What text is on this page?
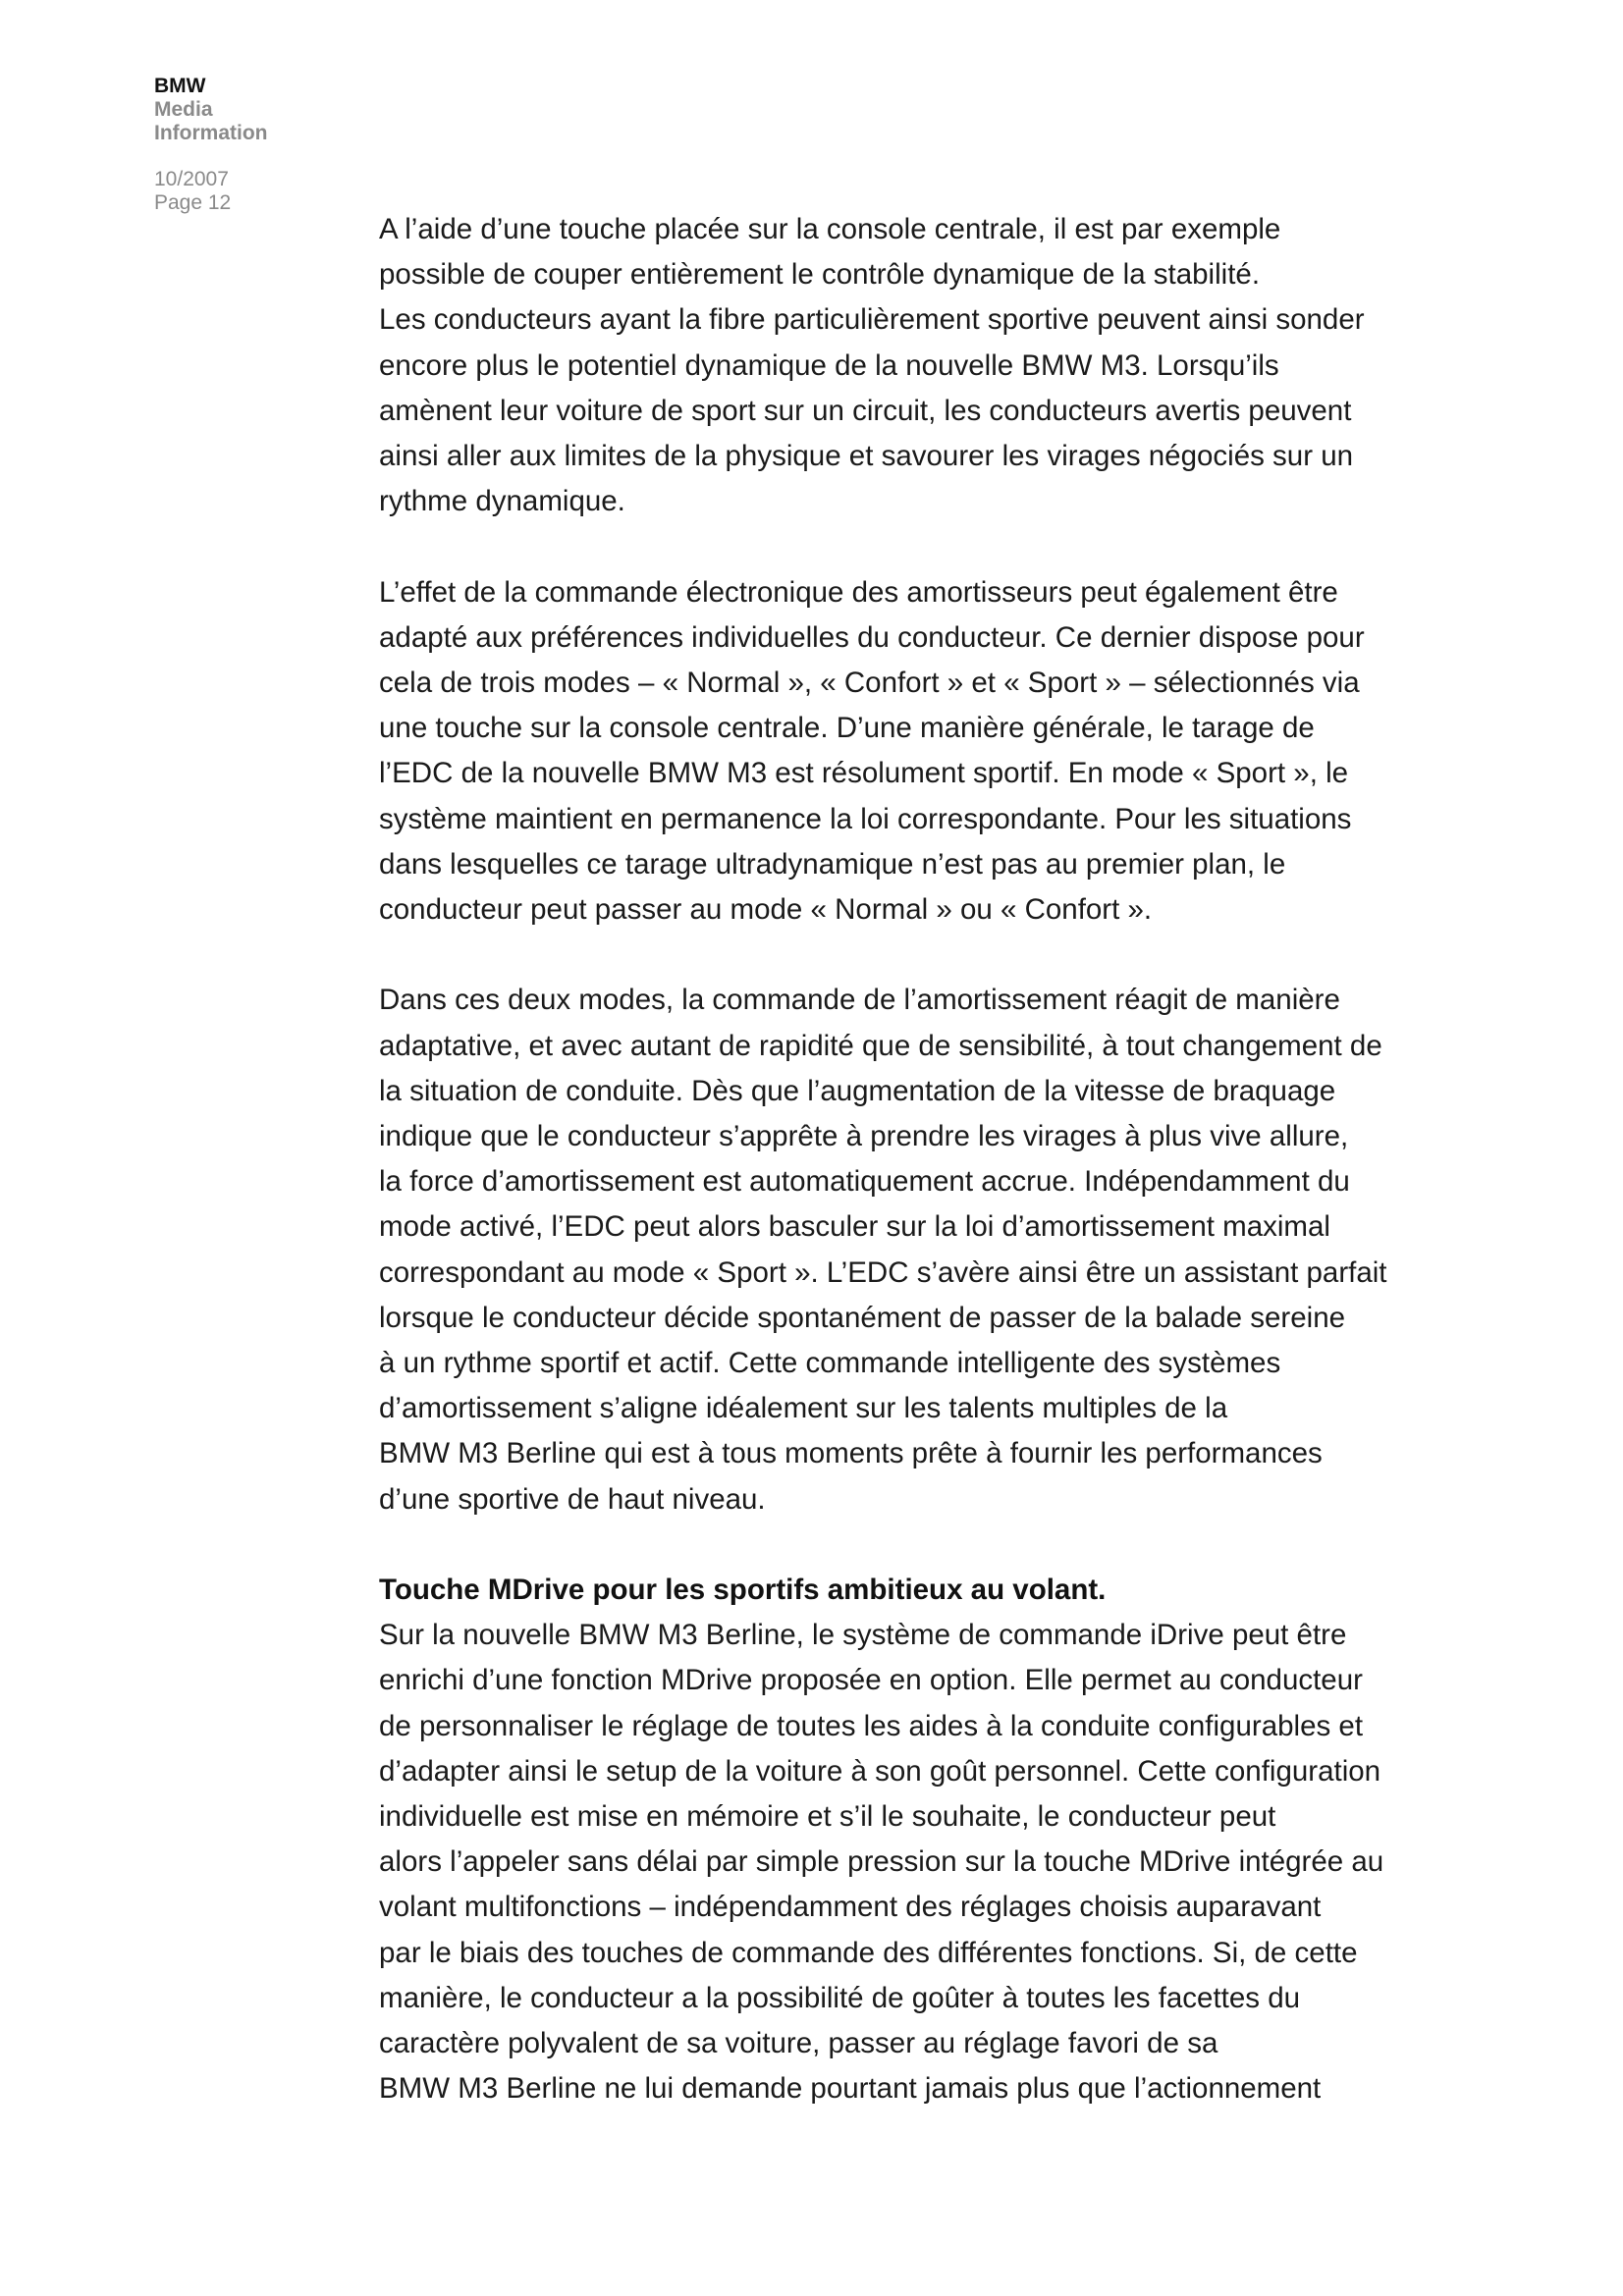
BMW
Media
Information
10/2007
Page 12
A l’aide d’une touche placée sur la console centrale, il est par exemple
possible de couper entièrement le contrôle dynamique de la stabilité.
Les conducteurs ayant la fibre particulièrement sportive peuvent ainsi sonder
encore plus le potentiel dynamique de la nouvelle BMW M3. Lorsqu’ils
amènent leur voiture de sport sur un circuit, les conducteurs avertis peuvent
ainsi aller aux limites de la physique et savourer les virages négociés sur un
rythme dynamique.
L’effet de la commande électronique des amortisseurs peut également être
adapté aux préférences individuelles du conducteur. Ce dernier dispose pour
cela de trois modes – « Normal », « Confort » et « Sport » – sélectionnés via
une touche sur la console centrale. D’une manière générale, le tarage de
l’EDC de la nouvelle BMW M3 est résolument sportif. En mode « Sport », le
système maintient en permanence la loi correspondante. Pour les situations
dans lesquelles ce tarage ultradynamique n’est pas au premier plan, le
conducteur peut passer au mode « Normal » ou « Confort ».
Dans ces deux modes, la commande de l’amortissement réagit de manière
adaptative, et avec autant de rapidité que de sensibilité, à tout changement de
la situation de conduite. Dès que l’augmentation de la vitesse de braquage
indique que le conducteur s’apprête à prendre les virages à plus vive allure,
la force d’amortissement est automatiquement accrue. Indépendamment du
mode activé, l’EDC peut alors basculer sur la loi d’amortissement maximal
correspondant au mode « Sport ». L’EDC s’avère ainsi être un assistant parfait
lorsque le conducteur décide spontanément de passer de la balade sereine
à un rythme sportif et actif. Cette commande intelligente des systèmes
d’amortissement s’aligne idéalement sur les talents multiples de la
BMW M3 Berline qui est à tous moments prête à fournir les performances
d’une sportive de haut niveau.
Touche MDrive pour les sportifs ambitieux au volant.
Sur la nouvelle BMW M3 Berline, le système de commande iDrive peut être
enrichi d’une fonction MDrive proposée en option. Elle permet au conducteur
de personnaliser le réglage de toutes les aides à la conduite configurables et
d’adapter ainsi le setup de la voiture à son goût personnel. Cette configuration
individuelle est mise en mémoire et s’il le souhaite, le conducteur peut
alors l’appeler sans délai par simple pression sur la touche MDrive intégrée au
volant multifonctions – indépendamment des réglages choisis auparavant
par le biais des touches de commande des différentes fonctions. Si, de cette
manière, le conducteur a la possibilité de goûter à toutes les facettes du
caractère polyvalent de sa voiture, passer au réglage favori de sa
BMW M3 Berline ne lui demande pourtant jamais plus que l’actionnement
